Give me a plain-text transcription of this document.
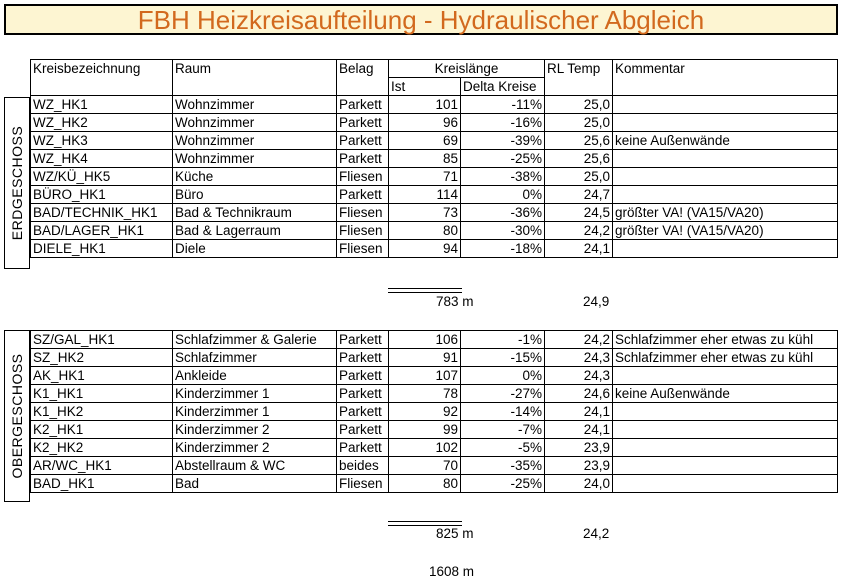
FBH Heizkreisaufteilung - Hydraulischer Abgleich
Kreisbezeichnung	Raum	Belag	Kreislänge		RL Temp	Kommentar
			Ist	Delta Kreise		
WZ_HK1	Wohnzimmer	Parkett	101	-11%	25,0	
WZ_HK2	Wohnzimmer	Parkett	96	-16%	25,0	
WZ_HK3	Wohnzimmer	Parkett	69	-39%	25,6	keine Außenwände
WZ_HK4	Wohnzimmer	Parkett	85	-25%	25,6	
WZ/KÜ_HK5	Küche	Fliesen	71	-38%	25,0	
BÜRO_HK1	Büro	Parkett	114	0%	24,7	
BAD/TECHNIK_HK1	Bad & Technikraum	Fliesen	73	-36%	24,5	größter VA! (VA15/VA20)
BAD/LAGER_HK1	Bad & Lagerraum	Fliesen	80	-30%	24,2	größter VA! (VA15/VA20)
DIELE_HK1	Diele	Fliesen	94	-18%	24,1	
ERDGESCHOSS
783 m	24,9
SZ/GAL_HK1	Schlafzimmer & Galerie	Parkett	106	-1%	24,2	Schlafzimmer eher etwas zu kühl
SZ_HK2	Schlafzimmer	Parkett	91	-15%	24,3	Schlafzimmer eher etwas zu kühl
AK_HK1	Ankleide	Parkett	107	0%	24,3	
K1_HK1	Kinderzimmer 1	Parkett	78	-27%	24,6	keine Außenwände
K1_HK2	Kinderzimmer 1	Parkett	92	-14%	24,1	
K2_HK1	Kinderzimmer 2	Parkett	99	-7%	24,1	
K2_HK2	Kinderzimmer 2	Parkett	102	-5%	23,9	
AR/WC_HK1	Abstellraum & WC	beides	70	-35%	23,9	
BAD_HK1	Bad	Fliesen	80	-25%	24,0	
OBERGESCHOSS
825 m	24,2
1608 m
